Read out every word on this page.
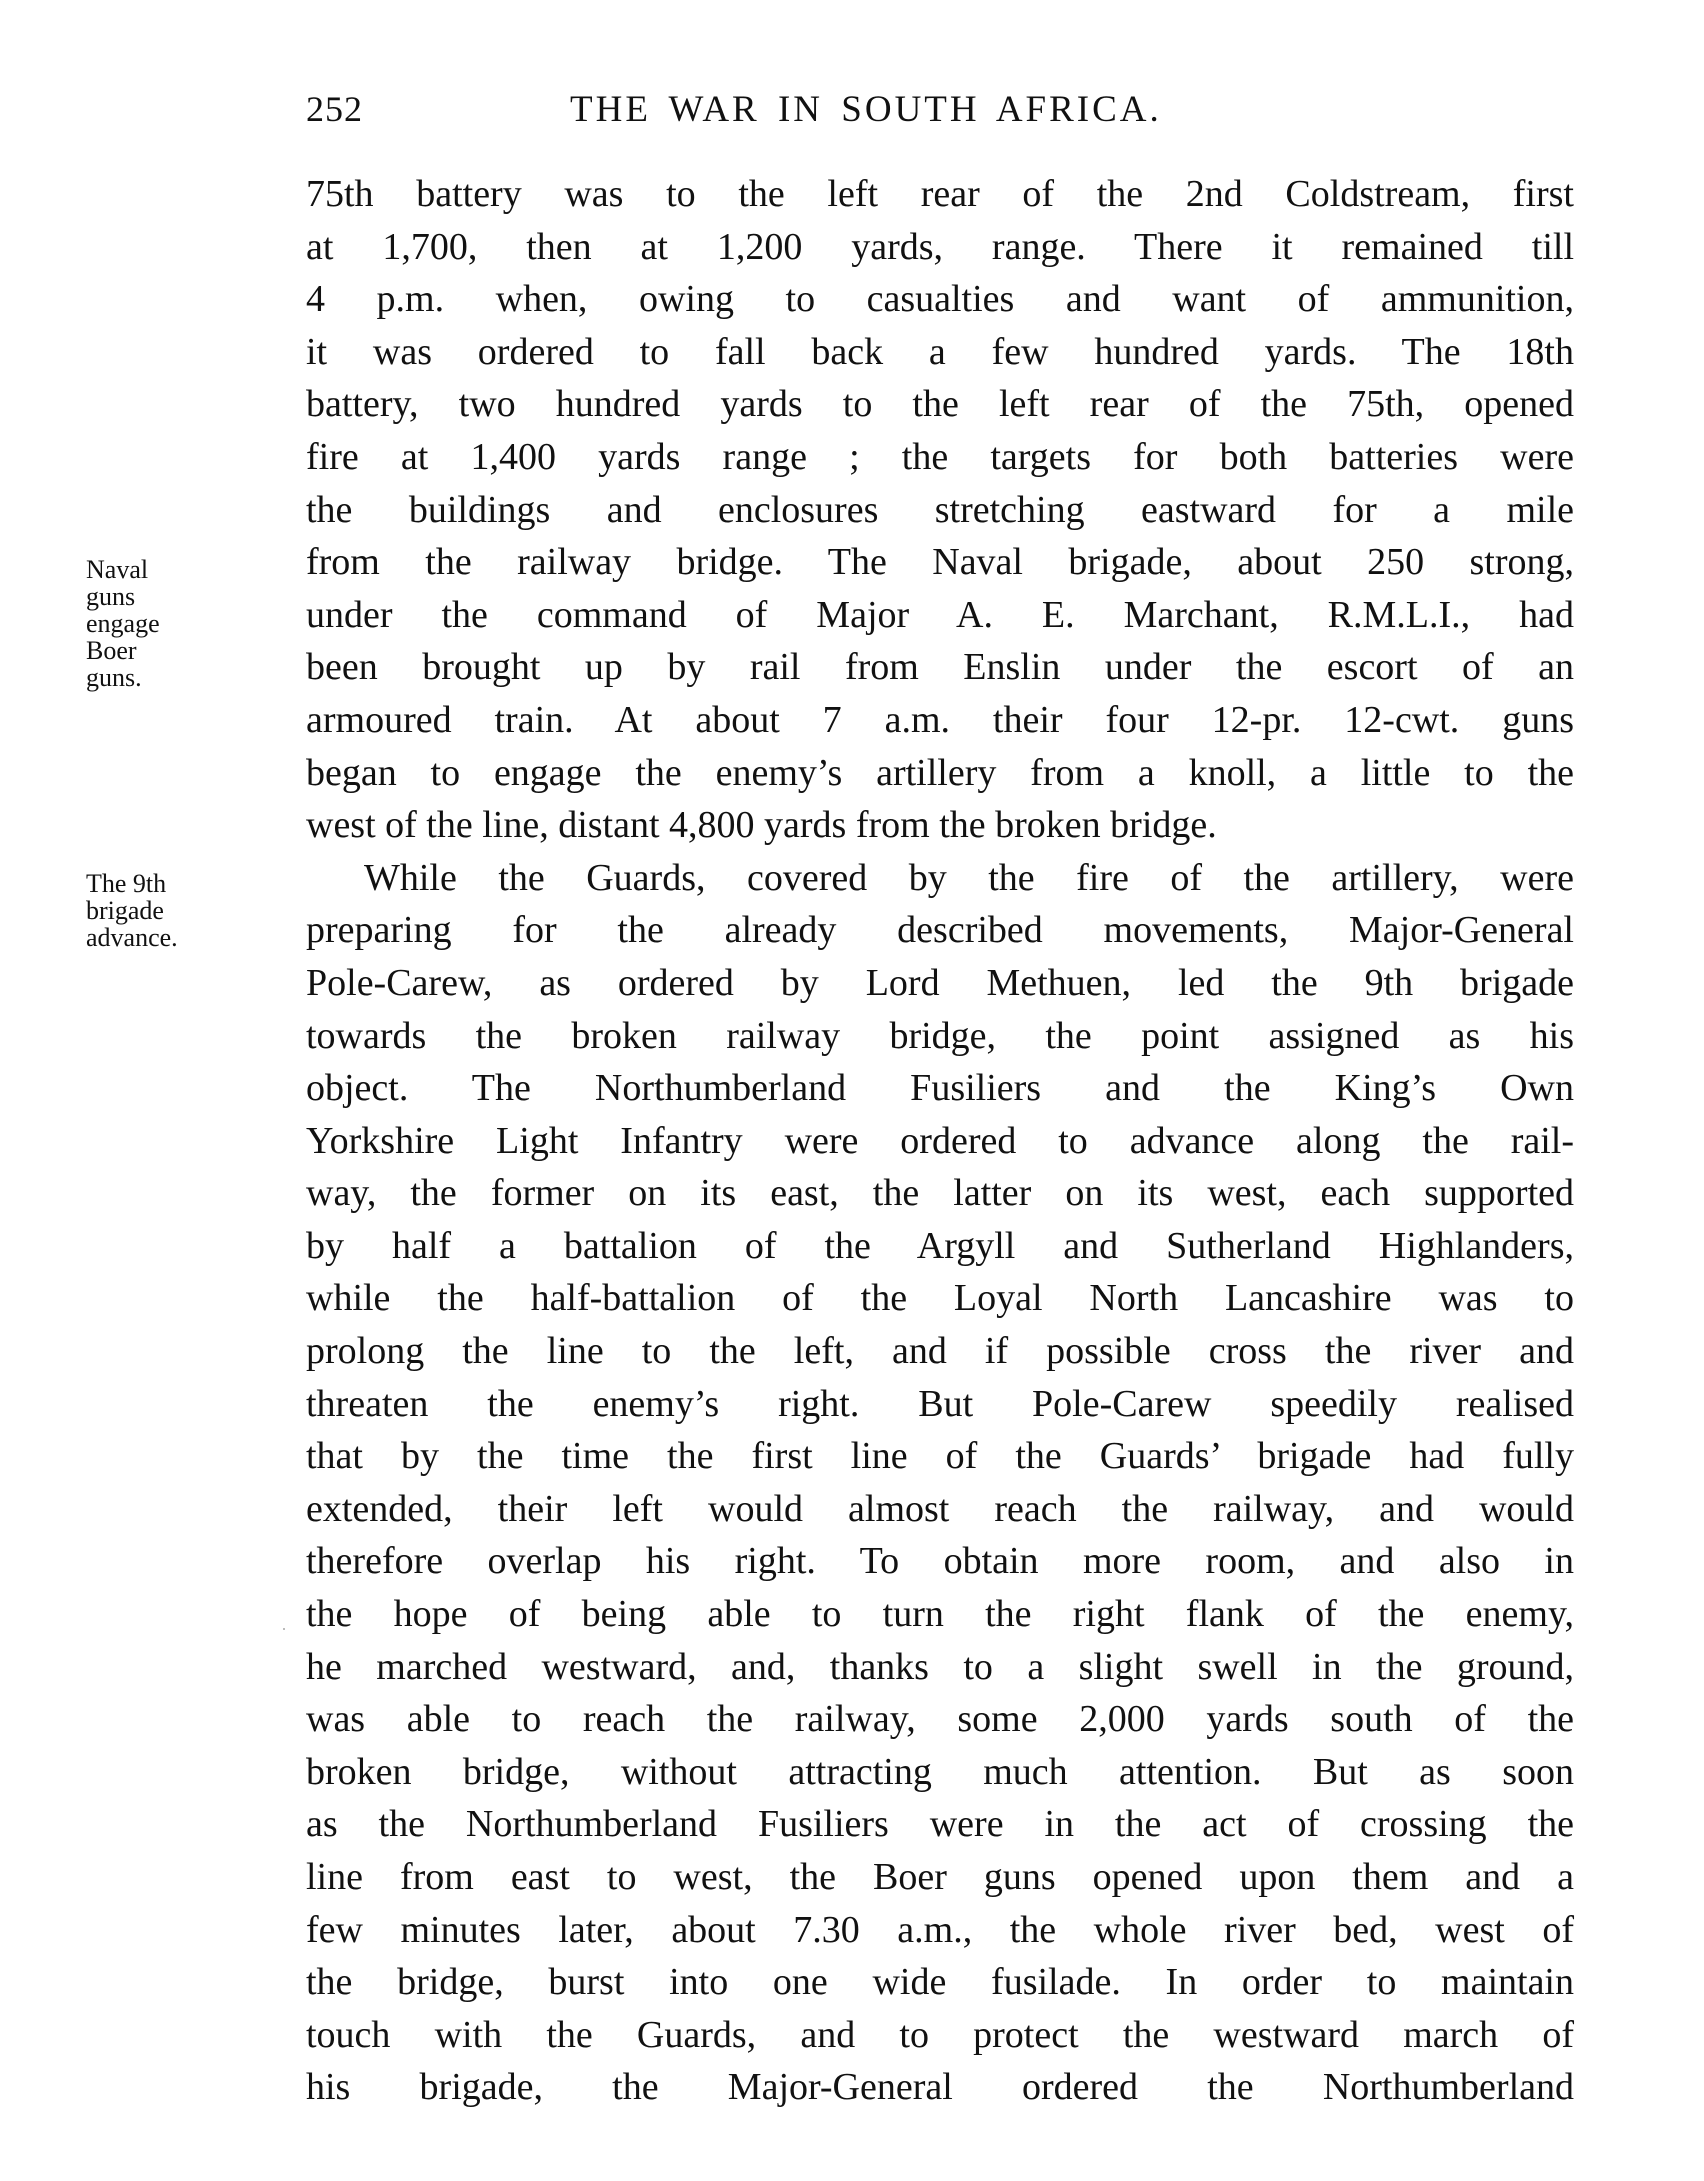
252	THE WAR IN SOUTH AFRICA.
Naval
guns
engage
Boer
guns.
The 9th
brigade
advance.
75th battery was to the left rear of the 2nd Coldstream, first
at 1,700, then at 1,200 yards, range. There it remained till
4 p.m. when, owing to casualties and want of ammunition,
it was ordered to fall back a few hundred yards. The 18th
battery, two hundred yards to the left rear of the 75th, opened
fire at 1,400 yards range ; the targets for both batteries were
the buildings and enclosures stretching eastward for a mile
from the railway bridge. The Naval brigade, about 250 strong,
under the command of Major A. E. Marchant, R.M.L.I., had
been brought up by rail from Enslin under the escort of an
armoured train. At about 7 a.m. their four 12-pr. 12-cwt. guns
began to engage the enemy’s artillery from a knoll, a little to the
west of the line, distant 4,800 yards from the broken bridge.
While the Guards, covered by the fire of the artillery, were
preparing for the already described movements, Major-General
Pole-Carew, as ordered by Lord Methuen, led the 9th brigade
towards the broken railway bridge, the point assigned as his
object. The Northumberland Fusiliers and the King’s Own
Yorkshire Light Infantry were ordered to advance along the rail-
way, the former on its east, the latter on its west, each supported
by half a battalion of the Argyll and Sutherland Highlanders,
while the half-battalion of the Loyal North Lancashire was to
prolong the line to the left, and if possible cross the river and
threaten the enemy’s right. But Pole-Carew speedily realised
that by the time the first line of the Guards’ brigade had fully
extended, their left would almost reach the railway, and would
therefore overlap his right. To obtain more room, and also in
the hope of being able to turn the right flank of the enemy,
he marched westward, and, thanks to a slight swell in the ground,
was able to reach the railway, some 2,000 yards south of the
broken bridge, without attracting much attention. But as soon
as the Northumberland Fusiliers were in the act of crossing the
line from east to west, the Boer guns opened upon them and a
few minutes later, about 7.30 a.m., the whole river bed, west of
the bridge, burst into one wide fusilade. In order to maintain
touch with the Guards, and to protect the westward march of
his brigade, the Major-General ordered the Northumberland
